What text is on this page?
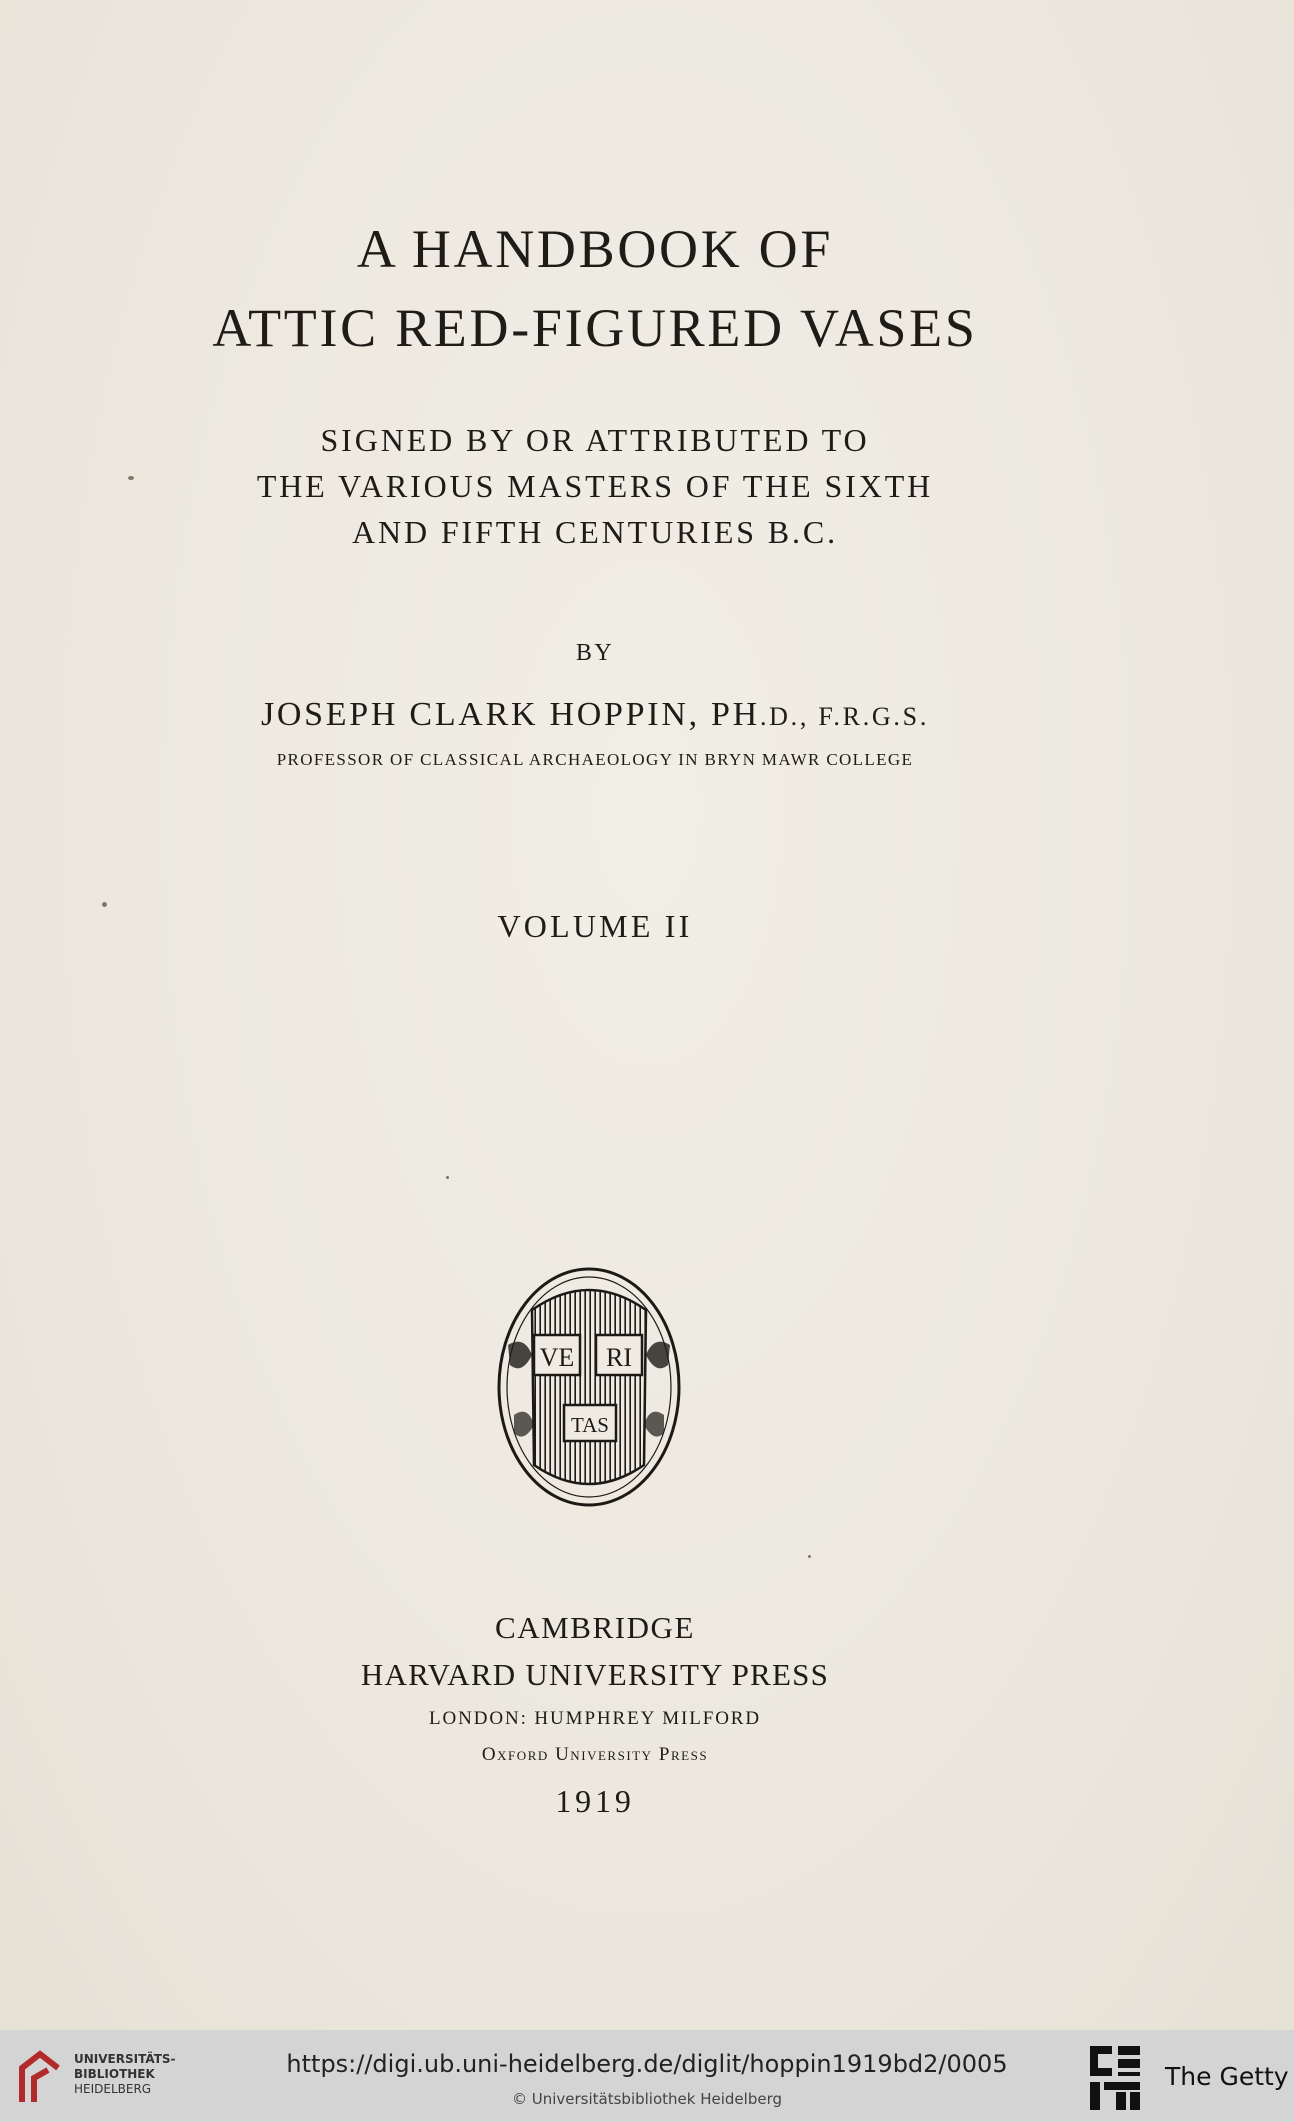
A HANDBOOK OF
ATTIC RED-FIGURED VASES
SIGNED BY OR ATTRIBUTED TO
THE VARIOUS MASTERS OF THE SIXTH
AND FIFTH CENTURIES B.C.
BY
JOSEPH CLARK HOPPIN, PH.D., F.R.G.S.
PROFESSOR OF CLASSICAL ARCHAEOLOGY IN BRYN MAWR COLLEGE
VOLUME II
VE RI
TAS
CAMBRIDGE
HARVARD UNIVERSITY PRESS
LONDON: HUMPHREY MILFORD
Oxford University Press
1919
UNIVERSITÄTS-
BIBLIOTHEK
HEIDELBERG
https://digi.ub.uni-heidelberg.de/diglit/hoppin1919bd2/0005
© Universitätsbibliothek Heidelberg
The Getty
